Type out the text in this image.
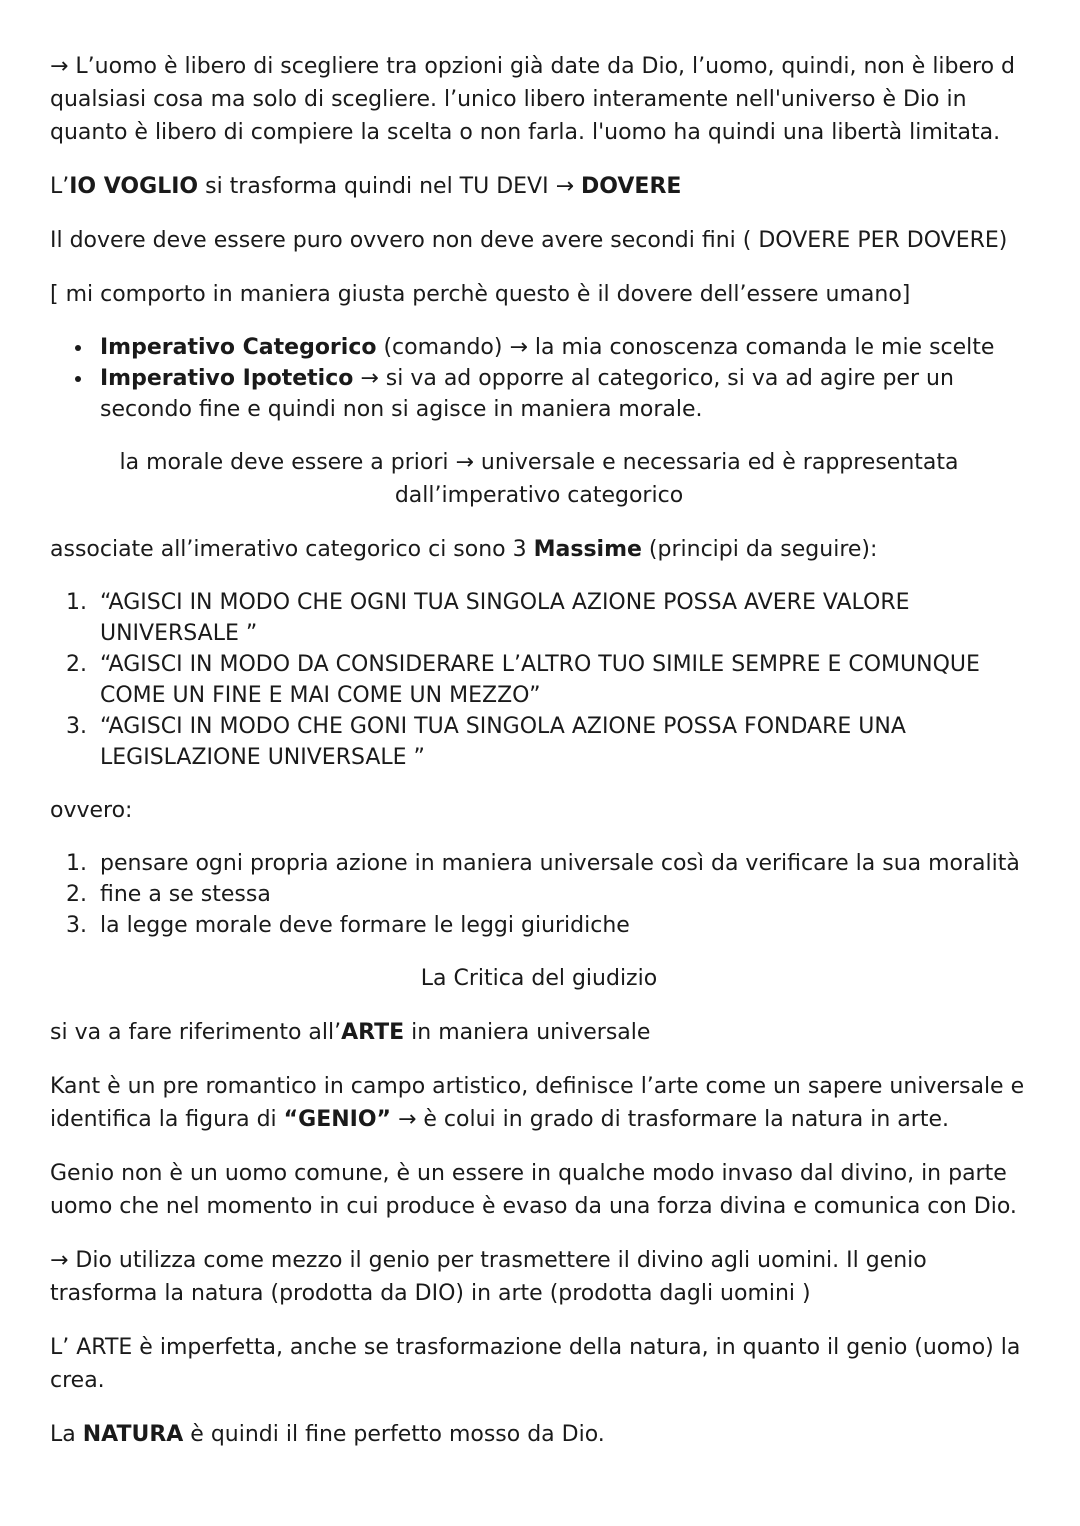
→ L’uomo è libero di scegliere tra opzioni già date da Dio, l’uomo, quindi, non è libero d qualsiasi cosa ma solo di scegliere. l’unico libero interamente nell'universo è Dio in quanto è libero di compiere la scelta o non farla. l'uomo ha quindi una libertà limitata.

L’IO VOGLIO si trasforma quindi nel TU DEVI → DOVERE

Il dovere deve essere puro ovvero non deve avere secondi fini ( DOVERE PER DOVERE)

[ mi comporto in maniera giusta perchè questo è il dovere dell’essere umano]

• Imperativo Categorico (comando) → la mia conoscenza comanda le mie scelte
• Imperativo Ipotetico → si va ad opporre al categorico, si va ad agire per un secondo fine e quindi non si agisce in maniera morale.

la morale deve essere a priori → universale e necessaria ed è rappresentata dall’imperativo categorico

associate all’imerativo categorico ci sono 3 Massime (principi da seguire):

1. “AGISCI IN MODO CHE OGNI TUA SINGOLA AZIONE POSSA AVERE VALORE UNIVERSALE ”
2. “AGISCI IN MODO DA CONSIDERARE L’ALTRO TUO SIMILE SEMPRE E COMUNQUE COME UN FINE E MAI COME UN MEZZO”
3. “AGISCI IN MODO CHE GONI TUA SINGOLA AZIONE POSSA FONDARE UNA LEGISLAZIONE UNIVERSALE ”

ovvero:

1. pensare ogni propria azione in maniera universale così da verificare la sua moralità
2. fine a se stessa
3. la legge morale deve formare le leggi giuridiche

La Critica del giudizio

si va a fare riferimento all’ARTE in maniera universale

Kant è un pre romantico in campo artistico, definisce l’arte come un sapere universale e identifica la figura di “GENIO” → è colui in grado di trasformare la natura in arte.

Genio non è un uomo comune, è un essere in qualche modo invaso dal divino, in parte uomo che nel momento in cui produce è evaso da una forza divina e comunica con Dio.

→ Dio utilizza come mezzo il genio per trasmettere il divino agli uomini. Il genio trasforma la natura (prodotta da DIO) in arte (prodotta dagli uomini )

L’ ARTE è imperfetta, anche se trasformazione della natura, in quanto il genio (uomo) la crea.

La NATURA è quindi il fine perfetto mosso da Dio.
